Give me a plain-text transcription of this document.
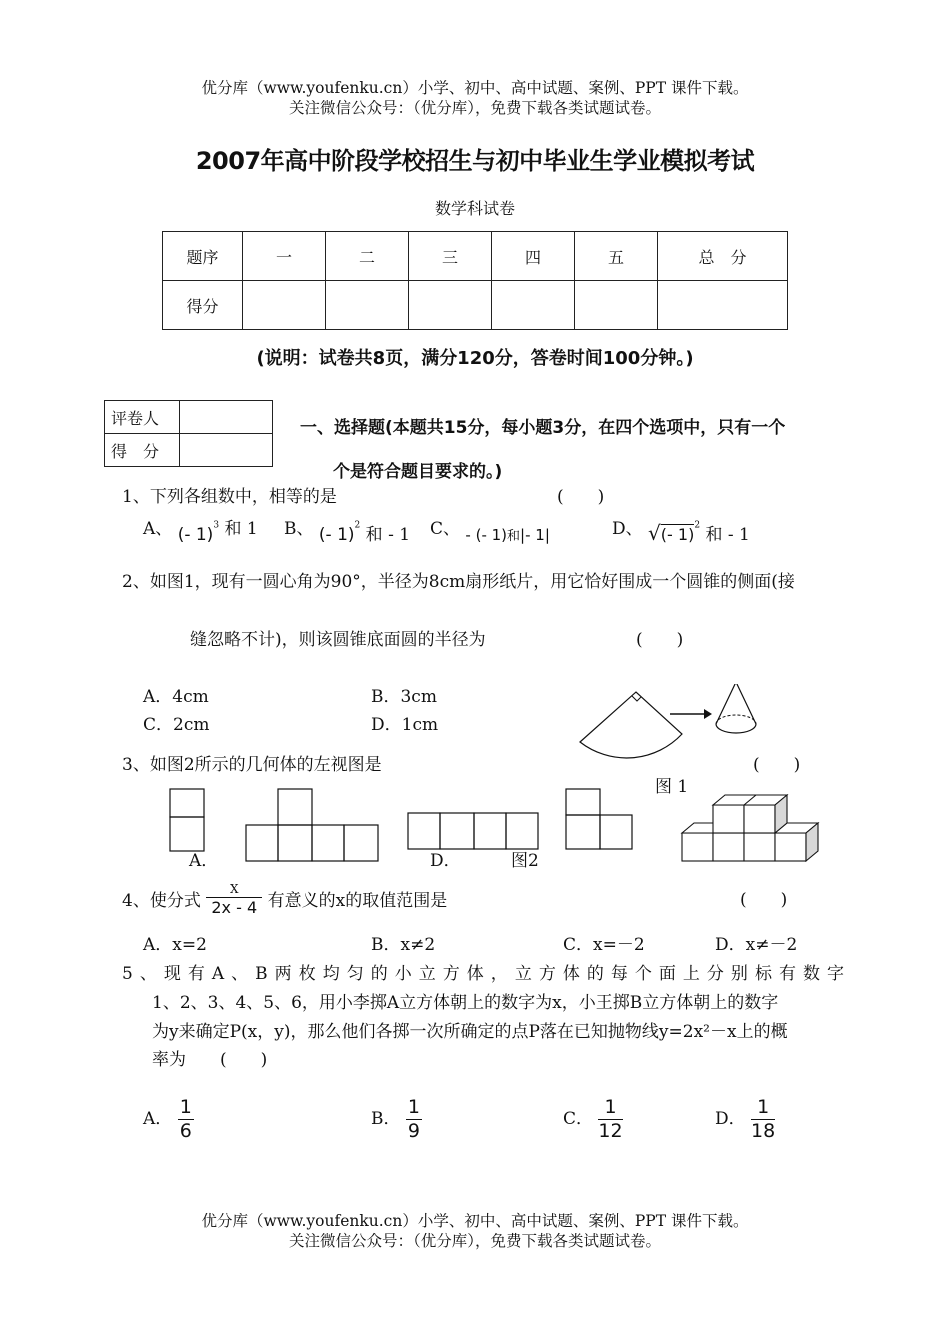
优分库（www.youfenku.cn）小学、初中、高中试题、案例、PPT 课件下载。
关注微信公众号：（优分库），免费下载各类试题试卷。
2007年高中阶段学校招生与初中毕业生学业模拟考试
数学科试卷
题序	一	二	三	四	五	总　分
得分						
(说明：试卷共8页，满分120分，答卷时间100分钟。)
评卷人	
得　分	
一、选择题(本题共15分，每小题3分，在四个选项中，只有一个
个是符合题目要求的。)
1、下列各组数中，相等的是	(　　)
A、 (- 1)$^3$ 和 1 B、 (- 1)$^2$ 和 - 1 C、 - (- $1)_和|-$ 1|	D、 √(- 1)$^2$ 和 - 1
2、如图1，现有一圆心角为90°，半径为8cm扇形纸片，用它恰好围成一个圆锥的侧面(接
缝忽略不计)，则该圆锥底面圆的半径为	(　　)
A．4cm	B．3cm
C．2cm	D．1cm
图 1
3、如图2所示的几何体的左视图是	(　　)
A．	D．	图2
4、使分式 $\frac{X}{2x - 4}$ 有意义的x的取值范围是	(　　)
A．x=2	B．x≠2	C．x=－2	D．x≠－2
5、现有A、B两枚均匀的小立方体，立方体的每个面上分别标有数字
1、2、3、4、5、6，用小李掷A立方体朝上的数字为x，小王掷B立方体朝上的数字
为y来确定P(x，y)，那么他们各掷一次所确定的点P落在已知抛物线y=2x²－x上的概
率为　　(　　)
A． $\frac{1}{6}$	B． $\frac{1}{9}$	C． $\frac{1}{12}$	D． $\frac{1}{18}$
优分库（www.youfenku.cn）小学、初中、高中试题、案例、PPT 课件下载。
关注微信公众号：（优分库），免费下载各类试题试卷。
